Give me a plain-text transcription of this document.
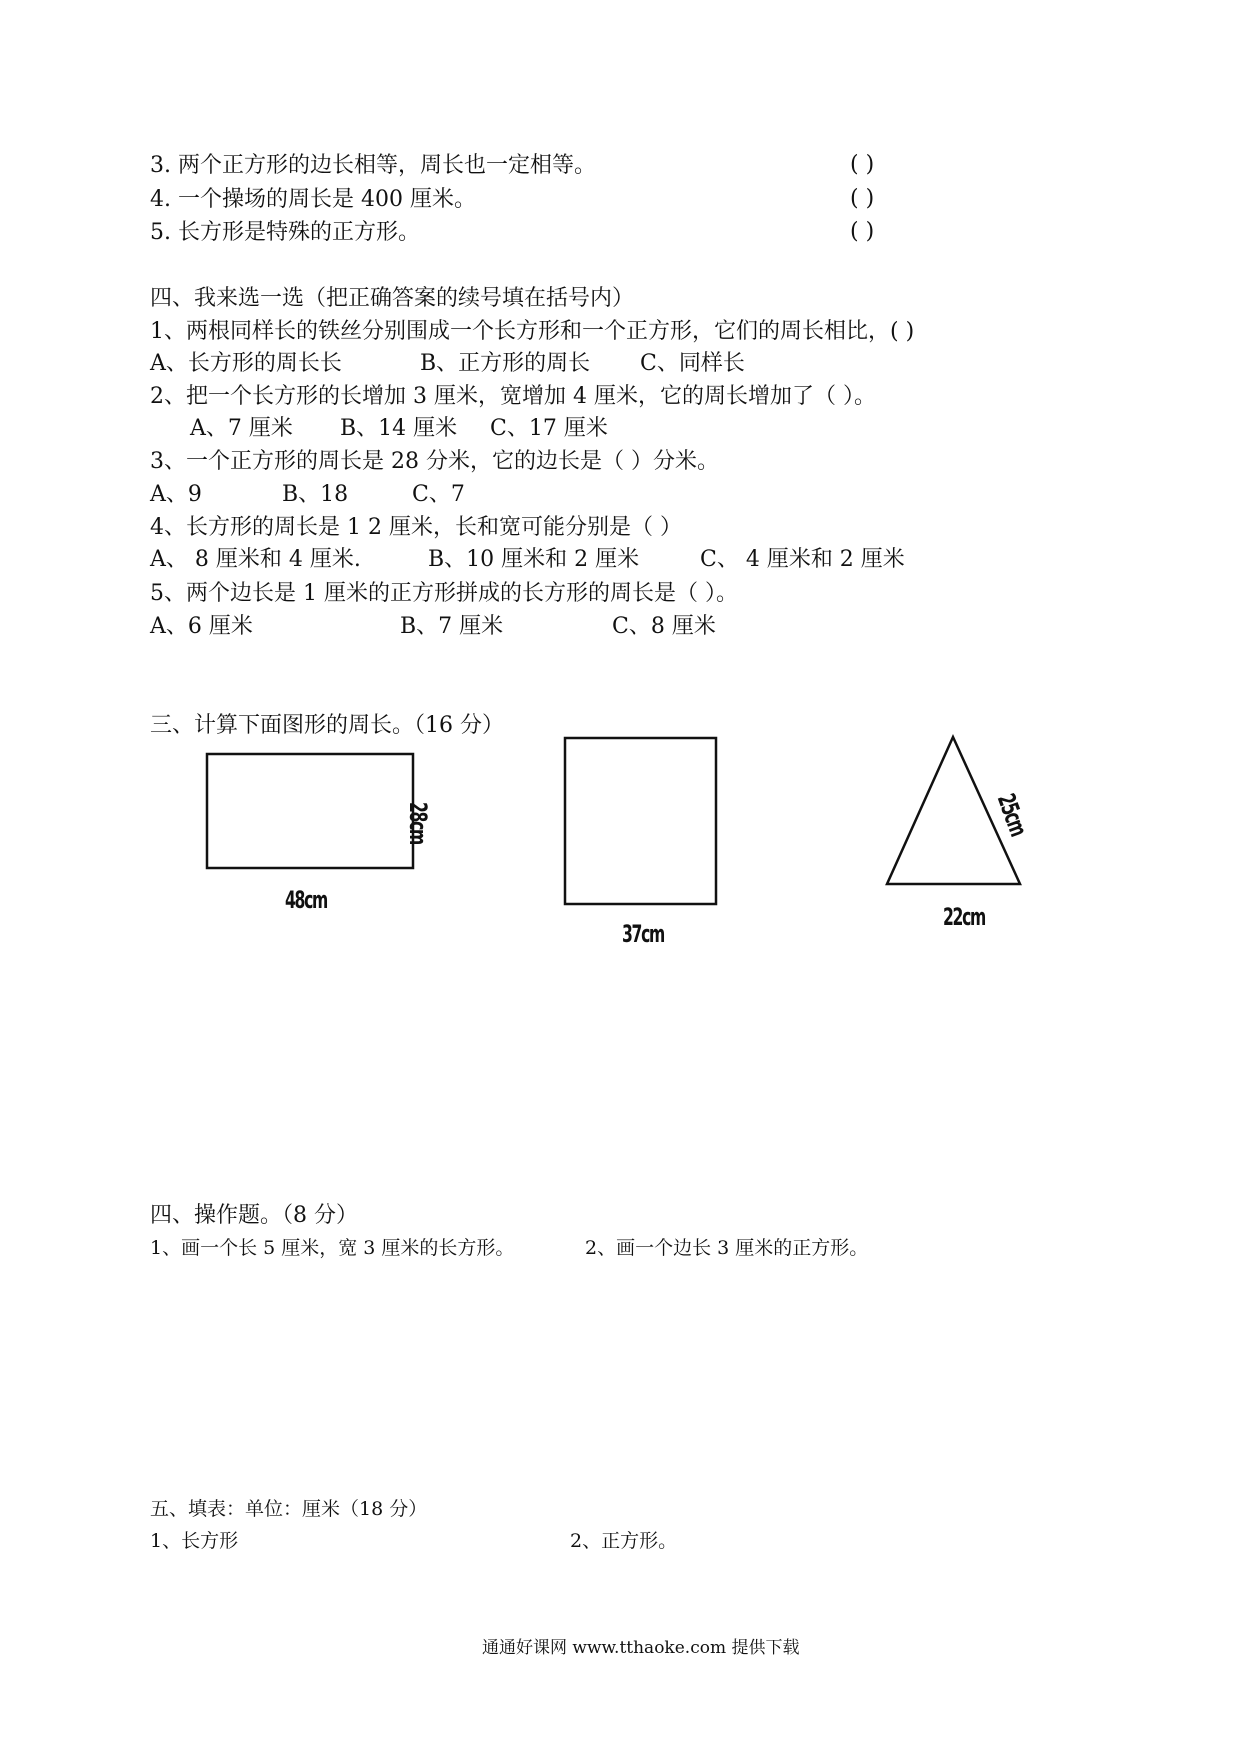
3. 两个正方形的边长相等，周长也一定相等。	( )
4. 一个操场的周长是 400 厘米。	( )
5. 长方形是特殊的正方形。	( )
四、我来选一选（把正确答案的续号填在括号内）
1、两根同样长的铁丝分别围成一个长方形和一个正方形，它们的周长相比，( )
A、长方形的周长长	B、正方形的周长 C、同样长
2、把一个长方形的长增加 3 厘米，宽增加 4 厘米，它的周长增加了（ ）。
A、7 厘米 B、14 厘米 C、17 厘米
3、一个正方形的周长是 28 分米，它的边长是（ ）分米。
A、9	B、18	C、7
4、长方形的周长是 1 2 厘米，长和宽可能分别是（ ）
A、 8 厘米和 4 厘米.	B、10 厘米和 2 厘米	C、 4 厘米和 2 厘米
5、两个边长是 1 厘米的正方形拼成的长方形的周长是（ ）。
A、6 厘米	B、7 厘米	C、8 厘米
三、计算下面图形的周长。（16 分）
28cm
48cm
37cm
25cm
22cm
四、操作题。（8 分）
1、画一个长 5 厘米，宽 3 厘米的长方形。	2、画一个边长 3 厘米的正方形。
五、填表：单位：厘米（18 分）
1、长方形	2、正方形。
通通好课网 www.tthaoke.com 提供下载
